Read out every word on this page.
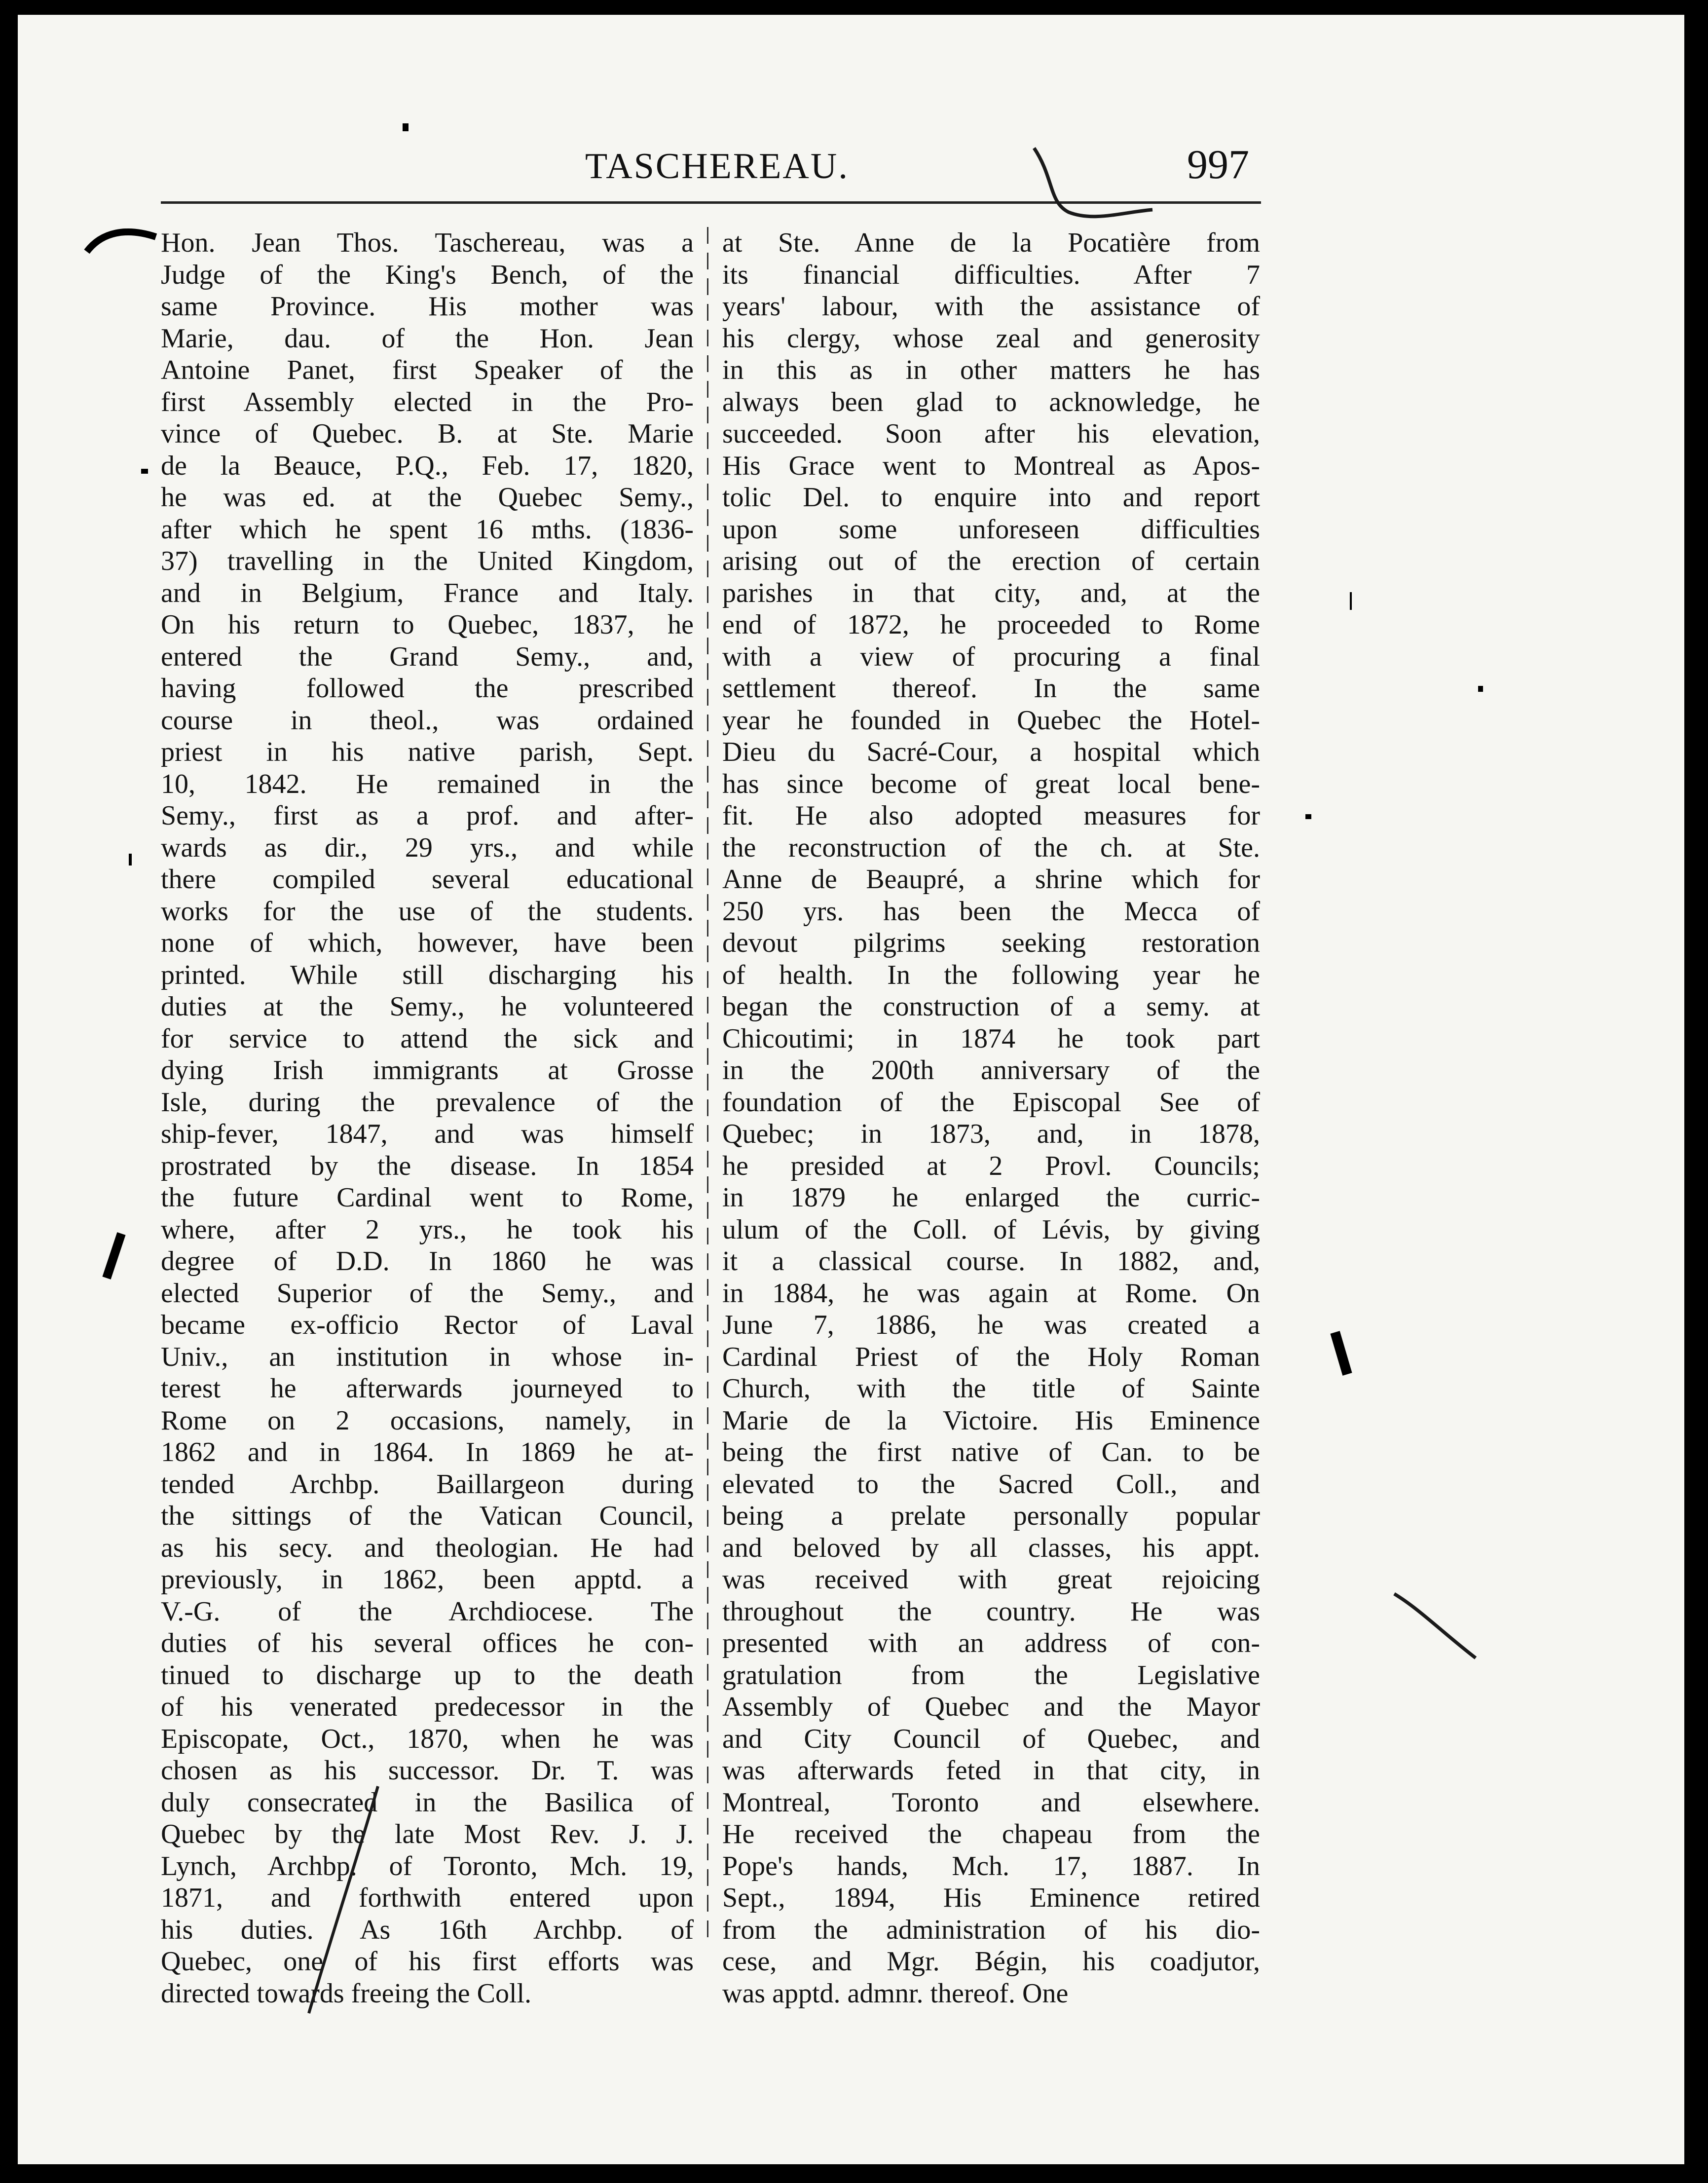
TASCHEREAU.	997
Hon. Jean Thos. Taschereau, was a
Judge of the King's Bench, of the
same Province. His mother was
Marie, dau. of the Hon. Jean
Antoine Panet, first Speaker of the
first Assembly elected in the Pro-
vince of Quebec. B. at Ste. Marie
de la Beauce, P.Q., Feb. 17, 1820,
he was ed. at the Quebec Semy.,
after which he spent 16 mths. (1836-
37) travelling in the United Kingdom,
and in Belgium, France and Italy.
On his return to Quebec, 1837, he
entered the Grand Semy., and,
having followed the prescribed
course in theol., was ordained
priest in his native parish, Sept.
10, 1842. He remained in the
Semy., first as a prof. and after-
wards as dir., 29 yrs., and while
there compiled several educational
works for the use of the students.
none of which, however, have been
printed. While still discharging his
duties at the Semy., he volunteered
for service to attend the sick and
dying Irish immigrants at Grosse
Isle, during the prevalence of the
ship-fever, 1847, and was himself
prostrated by the disease. In 1854
the future Cardinal went to Rome,
where, after 2 yrs., he took his
degree of D.D. In 1860 he was
elected Superior of the Semy., and
became ex-officio Rector of Laval
Univ., an institution in whose in-
terest he afterwards journeyed to
Rome on 2 occasions, namely, in
1862 and in 1864. In 1869 he at-
tended Archbp. Baillargeon during
the sittings of the Vatican Council,
as his secy. and theologian. He had
previously, in 1862, been apptd. a
V.-G. of the Archdiocese. The
duties of his several offices he con-
tinued to discharge up to the death
of his venerated predecessor in the
Episcopate, Oct., 1870, when he was
chosen as his successor. Dr. T. was
duly consecrated in the Basilica of
Quebec by the late Most Rev. J. J.
Lynch, Archbp. of Toronto, Mch. 19,
1871, and forthwith entered upon
his duties. As 16th Archbp. of
Quebec, one of his first efforts was
directed towards freeing the Coll.
at Ste. Anne de la Pocatière from
its financial difficulties. After 7
years' labour, with the assistance of
his clergy, whose zeal and generosity
in this as in other matters he has
always been glad to acknowledge, he
succeeded. Soon after his elevation,
His Grace went to Montreal as Apos-
tolic Del. to enquire into and report
upon some unforeseen difficulties
arising out of the erection of certain
parishes in that city, and, at the
end of 1872, he proceeded to Rome
with a view of procuring a final
settlement thereof. In the same
year he founded in Quebec the Hotel-
Dieu du Sacré-Cour, a hospital which
has since become of great local bene-
fit. He also adopted measures for
the reconstruction of the ch. at Ste.
Anne de Beaupré, a shrine which for
250 yrs. has been the Mecca of
devout pilgrims seeking restoration
of health. In the following year he
began the construction of a semy. at
Chicoutimi; in 1874 he took part
in the 200th anniversary of the
foundation of the Episcopal See of
Quebec; in 1873, and, in 1878,
he presided at 2 Provl. Councils;
in 1879 he enlarged the curric-
ulum of the Coll. of Lévis, by giving
it a classical course. In 1882, and,
in 1884, he was again at Rome. On
June 7, 1886, he was created a
Cardinal Priest of the Holy Roman
Church, with the title of Sainte
Marie de la Victoire. His Eminence
being the first native of Can. to be
elevated to the Sacred Coll., and
being a prelate personally popular
and beloved by all classes, his appt.
was received with great rejoicing
throughout the country. He was
presented with an address of con-
gratulation from the Legislative
Assembly of Quebec and the Mayor
and City Council of Quebec, and
was afterwards feted in that city, in
Montreal, Toronto and elsewhere.
He received the chapeau from the
Pope's hands, Mch. 17, 1887. In
Sept., 1894, His Eminence retired
from the administration of his dio-
cese, and Mgr. Bégin, his coadjutor,
was apptd. admnr. thereof. One
